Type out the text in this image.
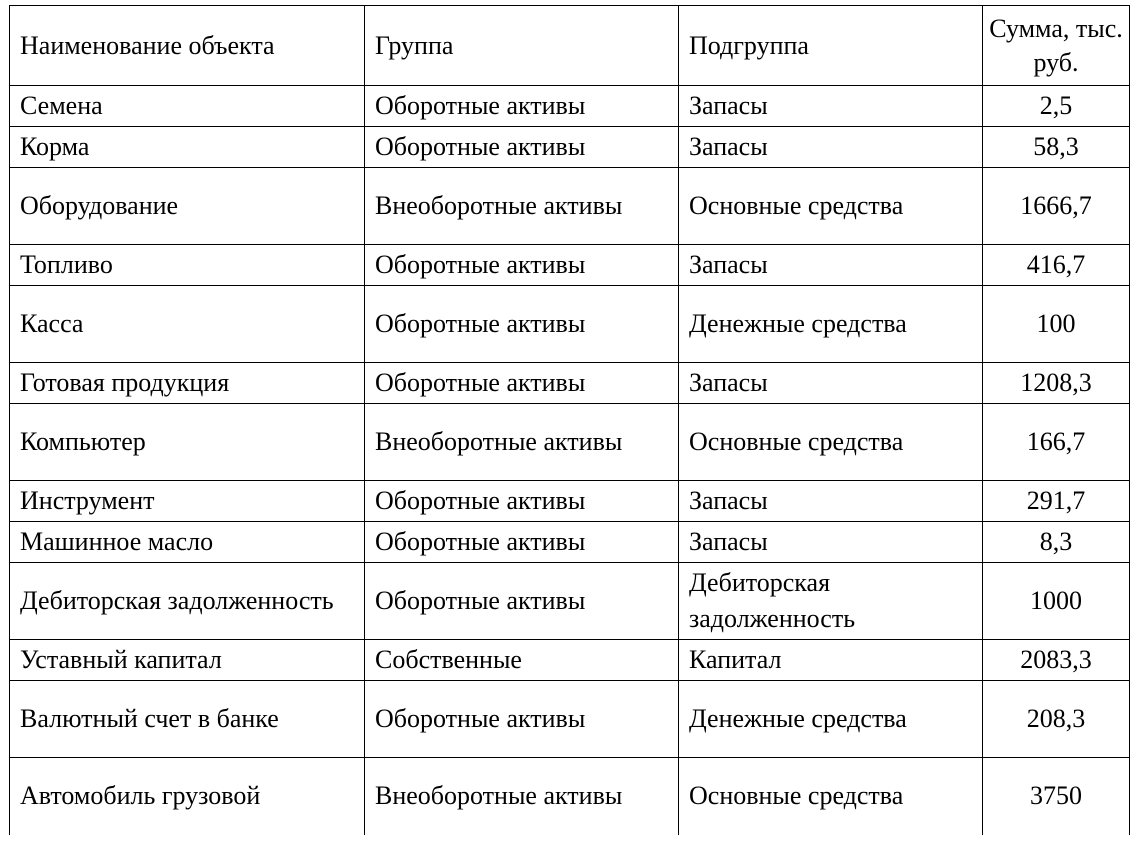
Наименование объекта	Группа	Подгруппа	Сумма, тыс. руб.
Семена	Оборотные активы	Запасы	2,5
Корма	Оборотные активы	Запасы	58,3
Оборудование	Внеоборотные активы	Основные средства	1666,7
Топливо	Оборотные активы	Запасы	416,7
Касса	Оборотные активы	Денежные средства	100
Готовая продукция	Оборотные активы	Запасы	1208,3
Компьютер	Внеоборотные активы	Основные средства	166,7
Инструмент	Оборотные активы	Запасы	291,7
Машинное масло	Оборотные активы	Запасы	8,3
Дебиторская задолженность	Оборотные активы	Дебиторская задолженность	1000
Уставный капитал	Собственные	Капитал	2083,3
Валютный счет в банке	Оборотные активы	Денежные средства	208,3
Автомобиль грузовой	Внеоборотные активы	Основные средства	3750
